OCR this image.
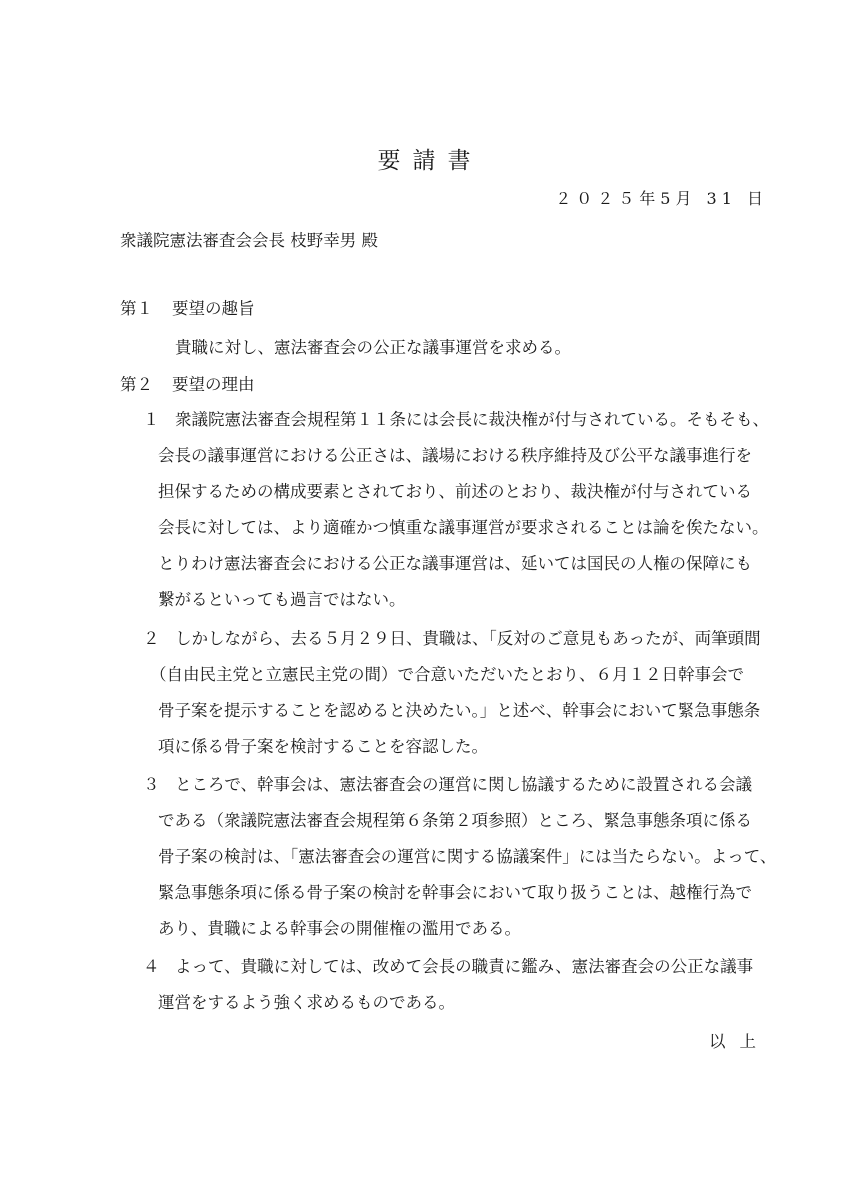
要請書
２０２５年5月 31 日
衆議院憲法審査会会長 枝野幸男 殿
第１ 要望の趣旨
貴職に対し、憲法審査会の公正な議事運営を求める。
第２ 要望の理由
１ 衆議院憲法審査会規程第１１条には会長に裁決権が付与されている。そもそも、
会長の議事運営における公正さは、議場における秩序維持及び公平な議事進行を
担保するための構成要素とされており、前述のとおり、裁決権が付与されている
会長に対しては、より適確かつ慎重な議事運営が要求されることは論を俟たない。
とりわけ憲法審査会における公正な議事運営は、延いては国民の人権の保障にも
繋がるといっても過言ではない。
２ しかしながら、去る５月２９日、貴職は、「反対のご意見もあったが、両筆頭間
（自由民主党と立憲民主党の間）で合意いただいたとおり、６月１２日幹事会で
骨子案を提示することを認めると決めたい。」と述べ、幹事会において緊急事態条
項に係る骨子案を検討することを容認した。
３ ところで、幹事会は、憲法審査会の運営に関し協議するために設置される会議
である（衆議院憲法審査会規程第６条第２項参照）ところ、緊急事態条項に係る
骨子案の検討は、「憲法審査会の運営に関する協議案件」には当たらない。よって、
緊急事態条項に係る骨子案の検討を幹事会において取り扱うことは、越権行為で
あり、貴職による幹事会の開催権の濫用である。
４ よって、貴職に対しては、改めて会長の職責に鑑み、憲法審査会の公正な議事
運営をするよう強く求めるものである。
以上
